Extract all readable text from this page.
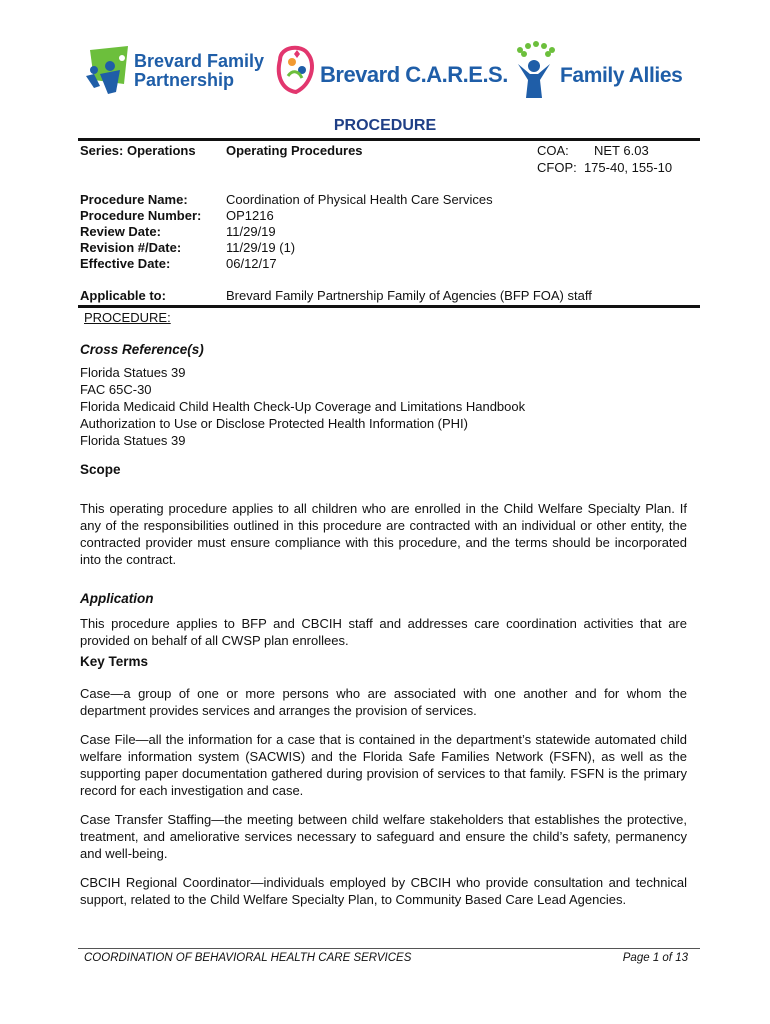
Brevard Family
Partnership	Brevard C.A.R.E.S. Family Allies
PROCEDURE
Series: Operations Operating Procedures	COA: NET 6.03
CFOP:  175-40, 155-10
Procedure Name:	Coordination of Physical Health Care Services
Procedure Number: OP1216
Review Date:	11/29/19
Revision #/Date:	11/29/19 (1)
Effective Date:	06/12/17
Applicable to:	Brevard Family Partnership Family of Agencies (BFP FOA) staff
PROCEDURE:
Cross Reference(s)
Florida Statues 39
FAC 65C-30
Florida Medicaid Child Health Check-Up Coverage and Limitations Handbook
Authorization to Use or Disclose Protected Health Information (PHI)
Florida Statues 39
Scope

This operating procedure applies to all children who are enrolled in the Child Welfare Specialty Plan. If any of the responsibilities outlined in this procedure are contracted with an individual or other entity, the contracted provider must ensure compliance with this procedure, and the terms should be incorporated into the contract.

Application

This procedure applies to BFP and CBCIH staff and addresses care coordination activities that are provided on behalf of all CWSP plan enrollees.

Key Terms

Case—a group of one or more persons who are associated with one another and for whom the department provides services and arranges the provision of services.

Case File—all the information for a case that is contained in the department’s statewide automated child welfare information system (SACWIS) and the Florida Safe Families Network (FSFN), as well as the supporting paper documentation gathered during provision of services to that family. FSFN is the primary record for each investigation and case.

Case Transfer Staffing—the meeting between child welfare stakeholders that establishes the protective, treatment, and ameliorative services necessary to safeguard and ensure the child’s safety, permanency and well-being.

CBCIH Regional Coordinator—individuals employed by CBCIH who provide consultation and technical support, related to the Child Welfare Specialty Plan, to Community Based Care Lead Agencies.

COORDINATION OF BEHAVIORAL HEALTH CARE SERVICES	Page 1 of 13
